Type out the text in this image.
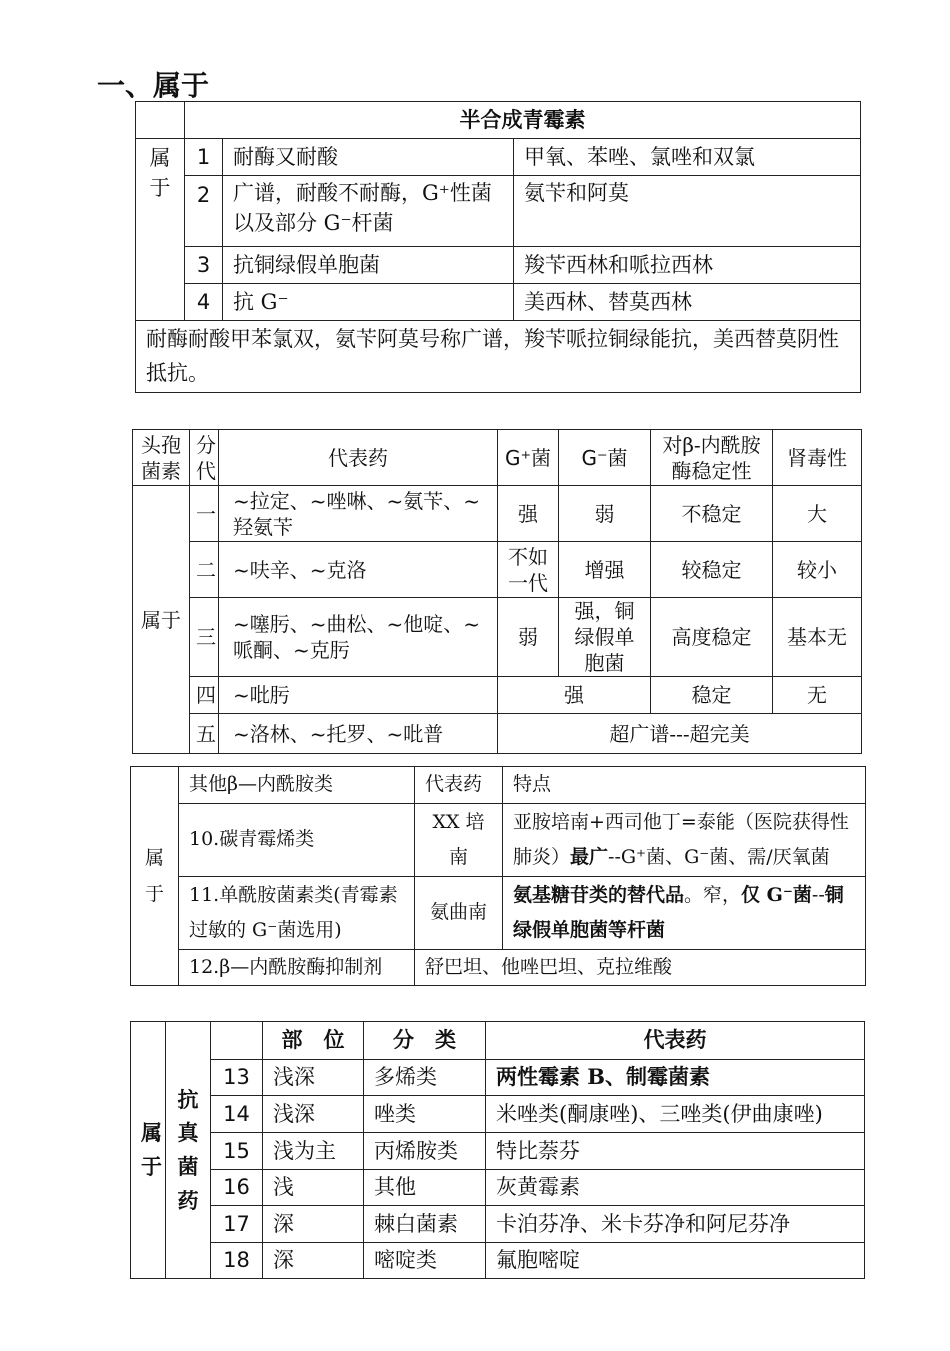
一、属于
	半合成青霉素		

属
于	1	耐酶又耐酸	甲氧、苯唑、氯唑和双氯
	2	广谱，耐酸不耐酶，G⁺性菌以及部分 G⁻杆菌	氨苄和阿莫
	3	抗铜绿假单胞菌	羧苄西林和哌拉西林
	4	抗 G⁻	美西林、替莫西林
耐酶耐酸甲苯氯双，氨苄阿莫号称广谱，羧苄哌拉铜绿能抗，美西替莫阴性抵抗。			
头孢菌素	分代	代表药	G⁺菌	G⁻菌	对β-内酰胺酶稳定性	肾毒性
属于	一	~拉定、~唑啉、~氨苄、~羟氨苄	强	弱	不稳定	大
	二	~呋辛、~克洛	不如一代	增强	较稳定	较小
	三	~噻肟、~曲松、~他啶、~哌酮、~克肟	弱	强，铜绿假单胞菌	高度稳定	基本无
	四	~吡肟	强		稳定	无
	五	~洛林、~托罗、~吡普	超广谱---超完美			
属
于	其他β—内酰胺类	代表药	特点
	10.碳青霉烯类	XX 培南	亚胺培南+西司他丁=泰能（医院获得性肺炎）最广--G⁺菌、G⁻菌、需/厌氧菌
	11.单酰胺菌素类(青霉素过敏的 G⁻菌选用)	氨曲南	氨基糖苷类的替代品。窄，仅 G⁻菌--铜绿假单胞菌等杆菌
	12.β—内酰胺酶抑制剂	舒巴坦、他唑巴坦、克拉维酸	
属
于	抗
真
菌
药		部　位	分　类	代表药
		13	浅深	多烯类	两性霉素 B、制霉菌素
		14	浅深	唑类	米唑类(酮康唑)、三唑类(伊曲康唑)
		15	浅为主	丙烯胺类	特比萘芬
		16	浅	其他	灰黄霉素
		17	深	棘白菌素	卡泊芬净、米卡芬净和阿尼芬净
		18	深	嘧啶类	氟胞嘧啶
